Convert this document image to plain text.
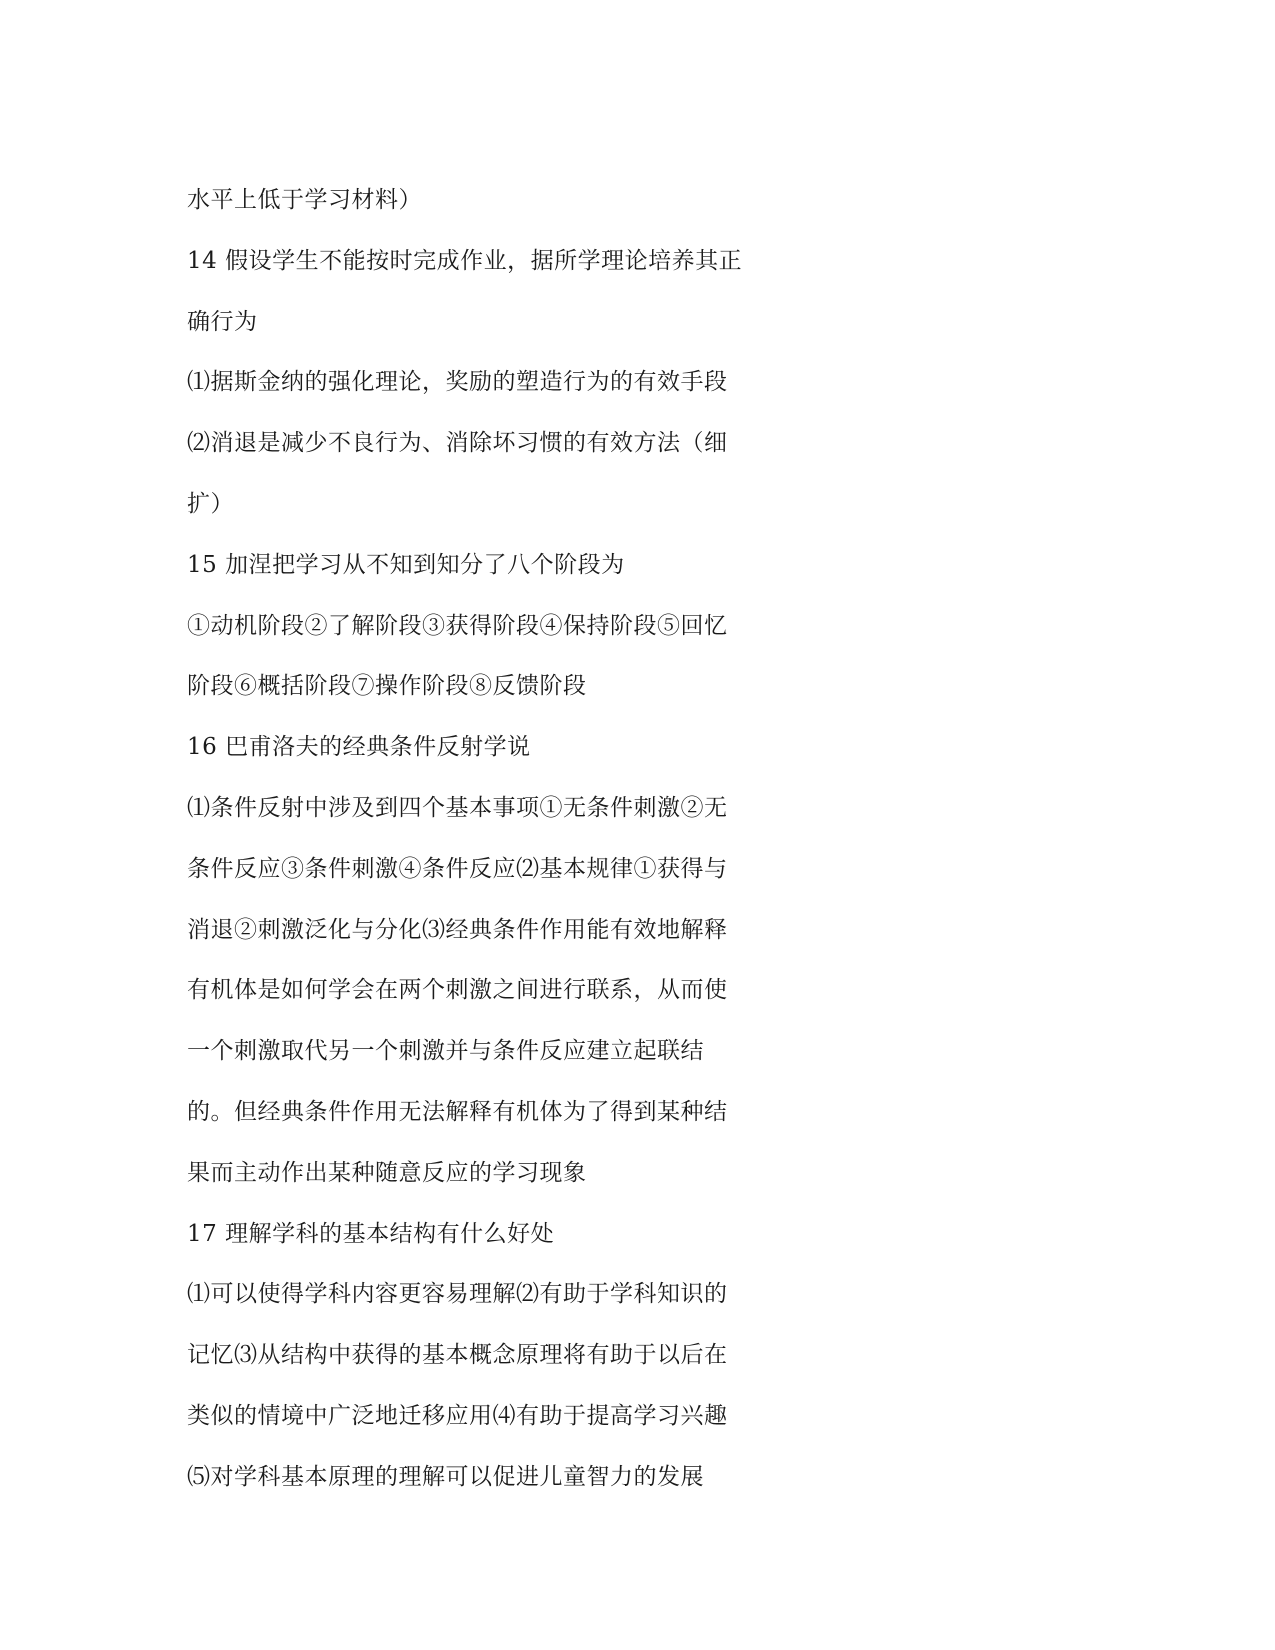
水平上低于学习材料）
14 假设学生不能按时完成作业，据所学理论培养其正
确行为
⑴据斯金纳的强化理论，奖励的塑造行为的有效手段
⑵消退是减少不良行为、消除坏习惯的有效方法（细
扩）
15 加涅把学习从不知到知分了八个阶段为
①动机阶段②了解阶段③获得阶段④保持阶段⑤回忆
阶段⑥概括阶段⑦操作阶段⑧反馈阶段
16 巴甫洛夫的经典条件反射学说
⑴条件反射中涉及到四个基本事项①无条件刺激②无
条件反应③条件刺激④条件反应⑵基本规律①获得与
消退②刺激泛化与分化⑶经典条件作用能有效地解释
有机体是如何学会在两个刺激之间进行联系，从而使
一个刺激取代另一个刺激并与条件反应建立起联结
的。但经典条件作用无法解释有机体为了得到某种结
果而主动作出某种随意反应的学习现象
17 理解学科的基本结构有什么好处
⑴可以使得学科内容更容易理解⑵有助于学科知识的
记忆⑶从结构中获得的基本概念原理将有助于以后在
类似的情境中广泛地迁移应用⑷有助于提高学习兴趣
⑸对学科基本原理的理解可以促进儿童智力的发展
